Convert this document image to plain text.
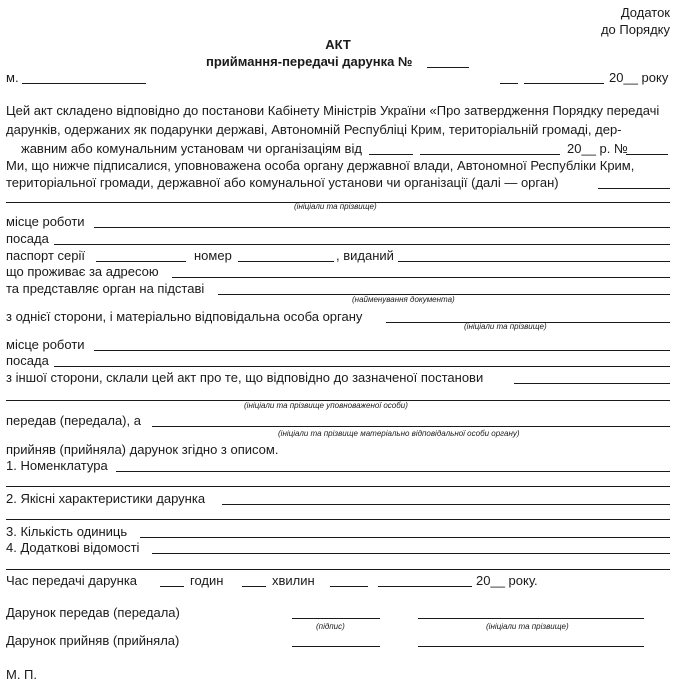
Додаток
до Порядку
АКТ
приймання-передачі дарунка №
м.	20__ року
Цей акт складено відповідно до постанови Кабінету Міністрів України «Про затвердження Порядку передачі
дарунків, одержаних як подарунки державі, Автономній Республіці Крим, територіальній громаді, дер-
жавним або комунальним установам чи організаціям від	20__ р. №
Ми, що нижче підписалися, уповноважена особа органу державної влади, Автономної Республіки Крим,
територіальної громади, державної або комунальної установи чи організації (далі — орган)
(ініціали та прізвище)
місце роботи
посада
паспорт серії	номер	, виданий
що проживає за адресою
та представляє орган на підставі
(найменування документа)
з однієї сторони, і матеріально відповідальна особа органу
(ініціали та прізвище)
місце роботи
посада
з іншої сторони, склали цей акт про те, що відповідно до зазначеної постанови
(ініціали та прізвище уповноваженої особи)
передав (передала), а
(ініціали та прізвище матеріально відповідальної особи органу)
прийняв (прийняла) дарунок згідно з описом.
1. Номенклатура
2. Якісні характеристики дарунка
3. Кількість одиниць
4. Додаткові відомості
Час передачі дарунка	годин	хвилин	20__ року.
Дарунок передав (передала)
(підпис)	(ініціали та прізвище)
Дарунок прийняв (прийняла)
М. П.
